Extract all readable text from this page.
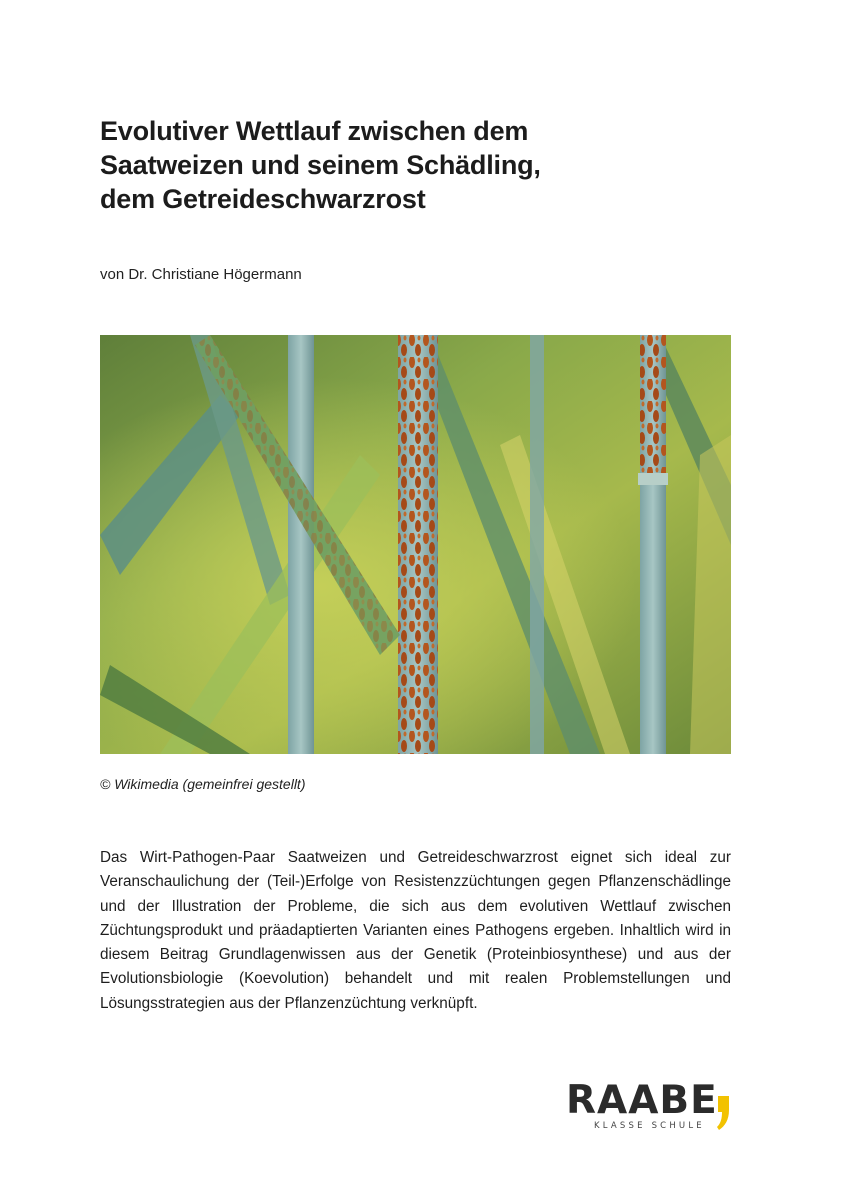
Evolutiver Wettlauf zwischen dem
Saatweizen und seinem Schädling,
dem Getreideschwarzrost

von Dr. Christiane Högermann

© Wikimedia (gemeinfrei gestellt)

Das Wirt-Pathogen-Paar Saatweizen und Getreideschwarzrost eignet sich ideal zur Veranschaulichung der (Teil-)Erfolge von Resistenzzüchtungen gegen Pflanzenschädlinge und der Illustration der Probleme, die sich aus dem evolutiven Wettlauf zwischen Züchtungsprodukt und präadaptierten Varianten eines Pathogens ergeben. Inhaltlich wird in diesem Beitrag Grundlagenwissen aus der Genetik (Proteinbiosynthese) und aus der Evolutionsbiologie (Koevolution) behandelt und mit realen Problemstellungen und Lösungsstrategien aus der Pflanzenzüchtung verknüpft.

RAABE
KLASSE SCHULE
